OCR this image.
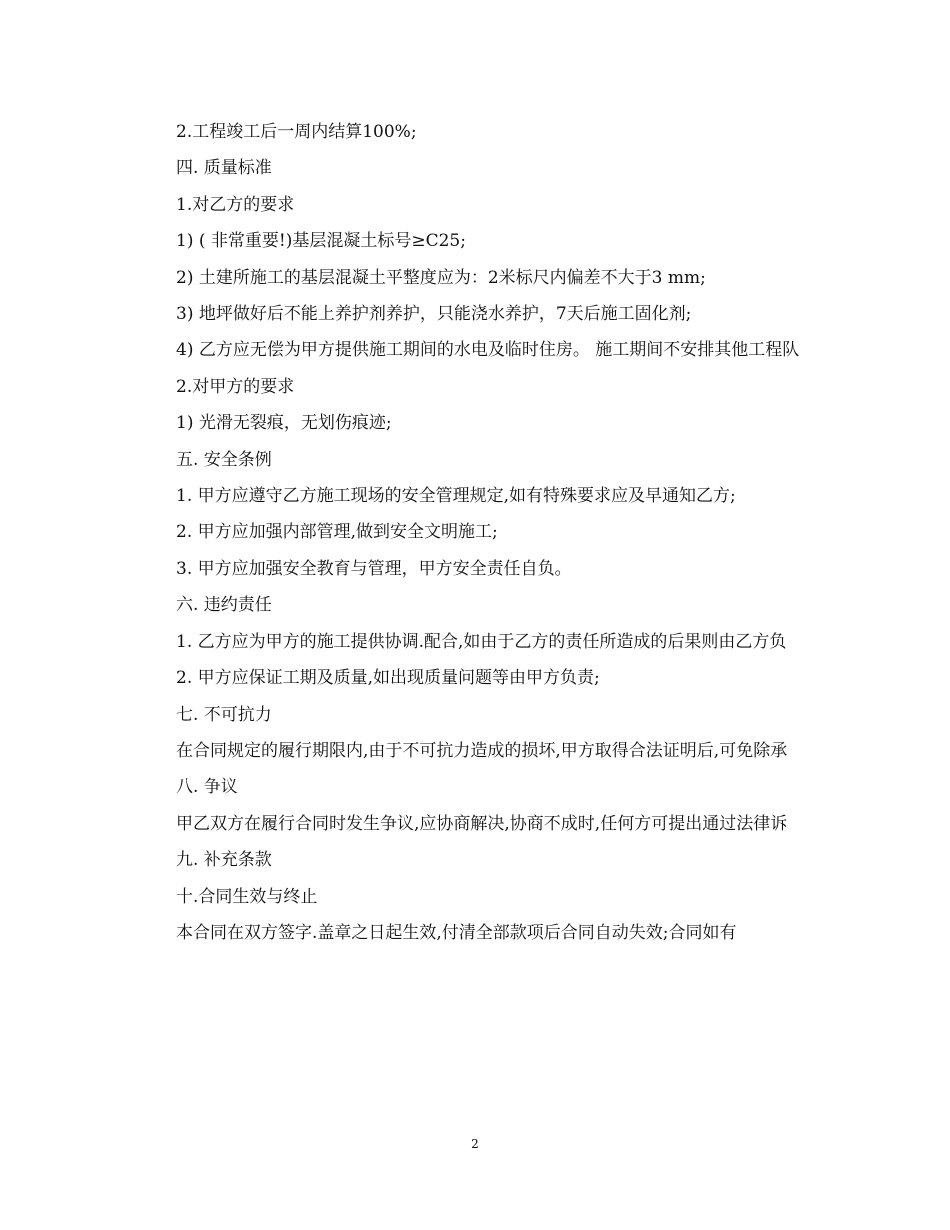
2.工程竣工后一周内结算100%;

四. 质量标准

1.对乙方的要求

1) ( 非常重要!)基层混凝土标号≥C25;

2) 土建所施工的基层混凝土平整度应为：2米标尺内偏差不大于3 mm;

3) 地坪做好后不能上养护剂养护，只能浇水养护，7天后施工固化剂;

4) 乙方应无偿为甲方提供施工期间的水电及临时住房。 施工期间不安排其他工程队

2.对甲方的要求

1) 光滑无裂痕，无划伤痕迹;

五. 安全条例

1. 甲方应遵守乙方施工现场的安全管理规定,如有特殊要求应及早通知乙方;

2. 甲方应加强内部管理,做到安全文明施工;

3. 甲方应加强安全教育与管理，甲方安全责任自负。

六. 违约责任

1. 乙方应为甲方的施工提供协调.配合,如由于乙方的责任所造成的后果则由乙方负

2. 甲方应保证工期及质量,如出现质量问题等由甲方负责;

七. 不可抗力

在合同规定的履行期限内,由于不可抗力造成的损坏,甲方取得合法证明后,可免除承

八. 争议

甲乙双方在履行合同时发生争议,应协商解决,协商不成时,任何方可提出通过法律诉

九. 补充条款

十.合同生效与终止

本合同在双方签字.盖章之日起生效,付清全部款项后合同自动失效;合同如有

2
